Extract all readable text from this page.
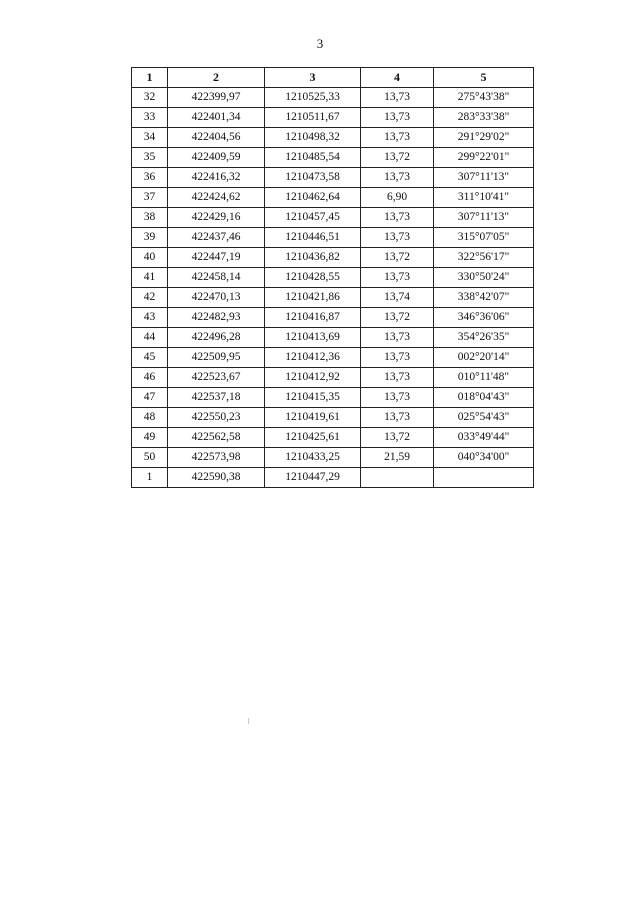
3
1	2	3	4	5
32	422399,97	1210525,33	13,73	275°43'38"
33	422401,34	1210511,67	13,73	283°33'38"
34	422404,56	1210498,32	13,73	291°29'02"
35	422409,59	1210485,54	13,72	299°22'01"
36	422416,32	1210473,58	13,73	307°11'13"
37	422424,62	1210462,64	6,90	311°10'41"
38	422429,16	1210457,45	13,73	307°11'13"
39	422437,46	1210446,51	13,73	315°07'05"
40	422447,19	1210436,82	13,72	322°56'17"
41	422458,14	1210428,55	13,73	330°50'24"
42	422470,13	1210421,86	13,74	338°42'07"
43	422482,93	1210416,87	13,72	346°36'06"
44	422496,28	1210413,69	13,73	354°26'35"
45	422509,95	1210412,36	13,73	002°20'14"
46	422523,67	1210412,92	13,73	010°11'48"
47	422537,18	1210415,35	13,73	018°04'43"
48	422550,23	1210419,61	13,73	025°54'43"
49	422562,58	1210425,61	13,72	033°49'44"
50	422573,98	1210433,25	21,59	040°34'00"
1	422590,38	1210447,29		
